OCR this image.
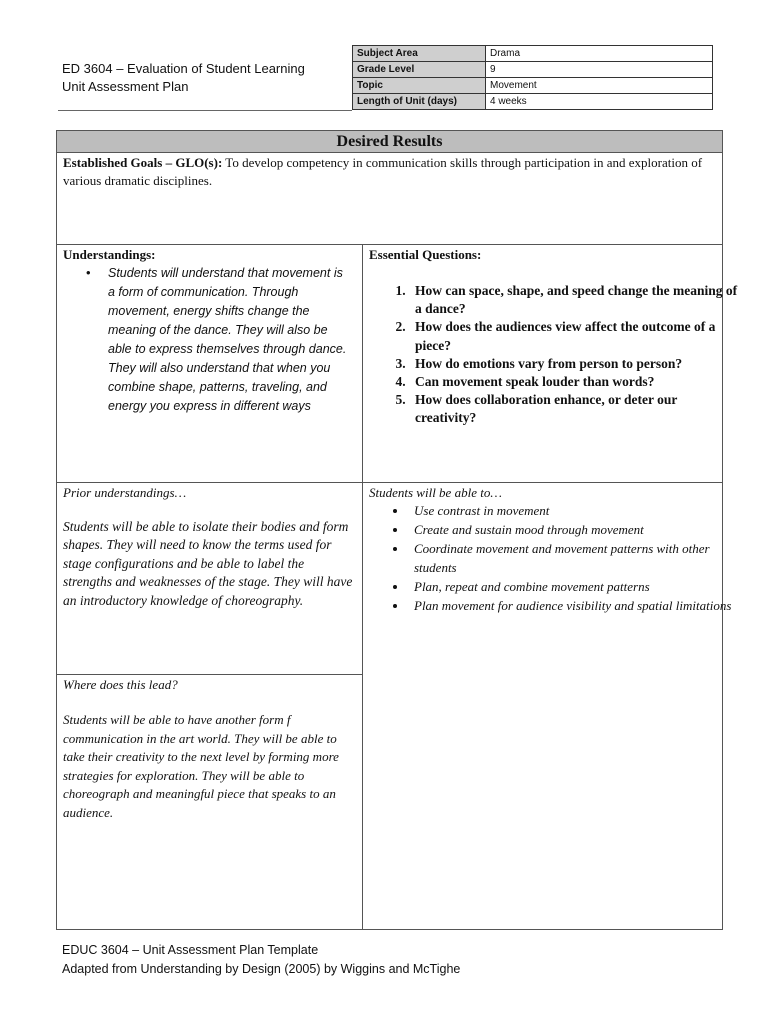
ED 3604 – Evaluation of Student Learning
Unit Assessment Plan
Subject Area	Drama
Grade Level	9
Topic	Movement
Length of Unit (days)	4 weeks
Desired Results
Established Goals – GLO(s): To develop competency in communication skills through participation in and exploration of various dramatic disciplines.
Understandings:
• Students will understand that movement is a form of communication. Through movement, energy shifts change the meaning of the dance. They will also be able to express themselves through dance. They will also understand that when you combine shape, patterns, traveling, and energy you express in different ways
Essential Questions:
1. How can space, shape, and speed change the meaning of a dance?
2. How does the audiences view affect the outcome of a piece?
3. How do emotions vary from person to person?
4. Can movement speak louder than words?
5. How does collaboration enhance, or deter our creativity?
Prior understandings…
Students will be able to isolate their bodies and form shapes. They will need to know the terms used for stage configurations and be able to label the strengths and weaknesses of the stage. They will have an introductory knowledge of choreography.
Where does this lead?
Students will be able to have another form f communication in the art world. They will be able to take their creativity to the next level by forming more strategies for exploration. They will be able to choreograph and meaningful piece that speaks to an audience.
Students will be able to…
• Use contrast in movement
• Create and sustain mood through movement
• Coordinate movement and movement patterns with other students
• Plan, repeat and combine movement patterns
• Plan movement for audience visibility and spatial limitations
EDUC 3604 – Unit Assessment Plan Template
Adapted from Understanding by Design (2005) by Wiggins and McTighe
